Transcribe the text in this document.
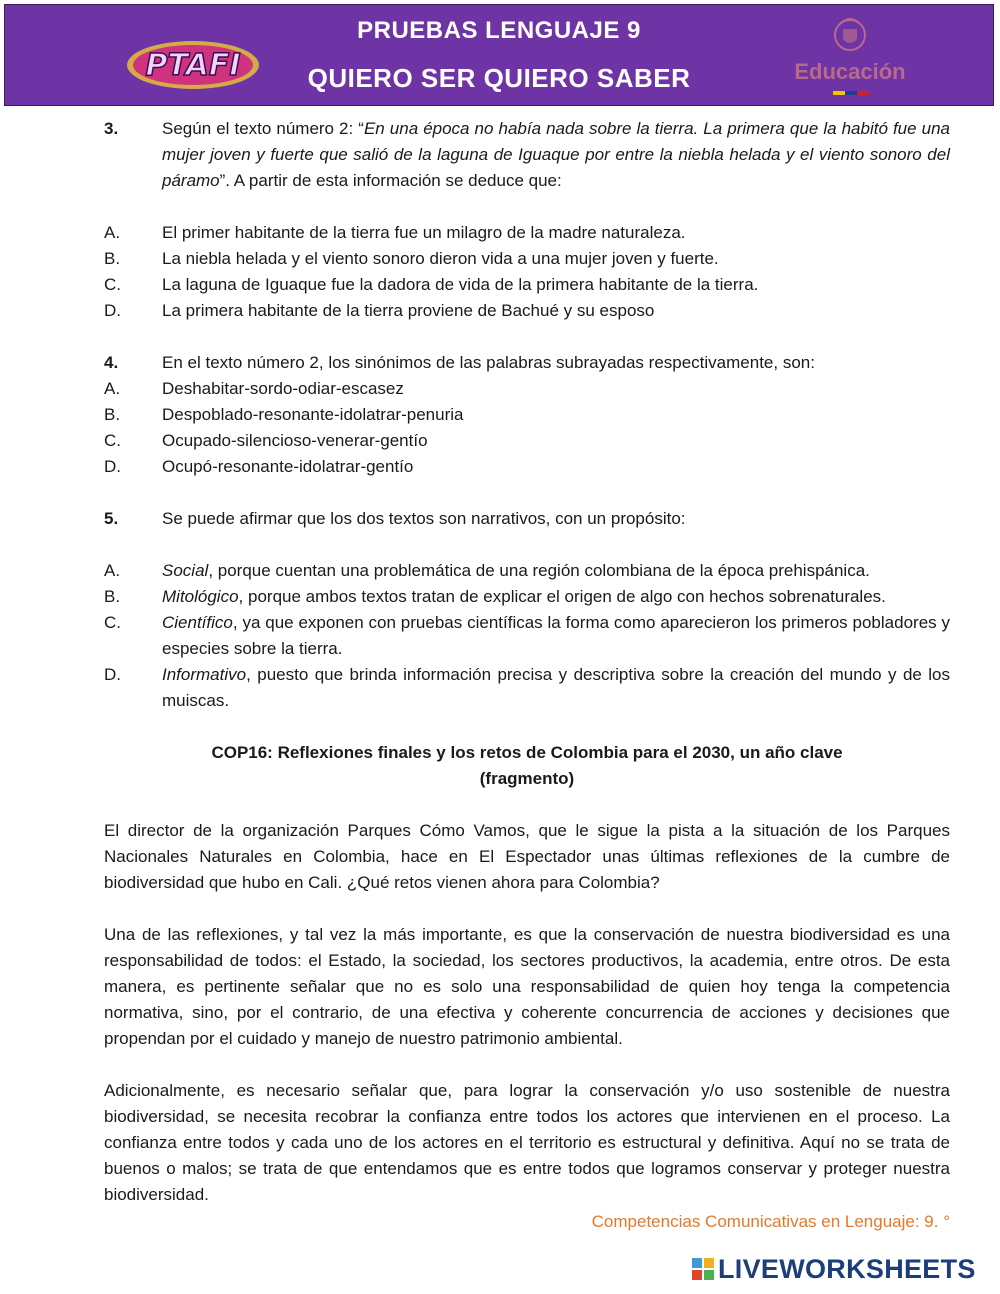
PTAFI
PRUEBAS LENGUAJE 9
QUIERO SER QUIERO SABER	Educación
3.	Según el texto número 2: “En una época no había nada sobre la tierra. La primera que la habitó fue una mujer joven y fuerte que salió de la laguna de Iguaque por entre la niebla helada y el viento sonoro del páramo”. A partir de esta información se deduce que:
A.	El primer habitante de la tierra fue un milagro de la madre naturaleza.
B.	La niebla helada y el viento sonoro dieron vida a una mujer joven y fuerte.
C.	La laguna de Iguaque fue la dadora de vida de la primera habitante de la tierra.
D.	La primera habitante de la tierra proviene de Bachué y su esposo
4.	En el texto número 2, los sinónimos de las palabras subrayadas respectivamente, son:
A.	Deshabitar-sordo-odiar-escasez
B.	Despoblado-resonante-idolatrar-penuria
C.	Ocupado-silencioso-venerar-gentío
D.	Ocupó-resonante-idolatrar-gentío
5.	Se puede afirmar que los dos textos son narrativos, con un propósito:
A.	Social, porque cuentan una problemática de una región colombiana de la época prehispánica.
B.	Mitológico, porque ambos textos tratan de explicar el origen de algo con hechos sobrenaturales.
C.	Científico, ya que exponen con pruebas científicas la forma como aparecieron los primeros pobladores y especies sobre la tierra.
D.	Informativo, puesto que brinda información precisa y descriptiva sobre la creación del mundo y de los muiscas.

COP16: Reflexiones finales y los retos de Colombia para el 2030, un año clave

(fragmento)

El director de la organización Parques Cómo Vamos, que le sigue la pista a la situación de los Parques Nacionales Naturales en Colombia, hace en El Espectador unas últimas reflexiones de la cumbre de biodiversidad que hubo en Cali. ¿Qué retos vienen ahora para Colombia?

Una de las reflexiones, y tal vez la más importante, es que la conservación de nuestra biodiversidad es una responsabilidad de todos: el Estado, la sociedad, los sectores productivos, la academia, entre otros. De esta manera, es pertinente señalar que no es solo una responsabilidad de quien hoy tenga la competencia normativa, sino, por el contrario, de una efectiva y coherente concurrencia de acciones y decisiones que propendan por el cuidado y manejo de nuestro patrimonio ambiental.

Adicionalmente, es necesario señalar que, para lograr la conservación y/o uso sostenible de nuestra biodiversidad, se necesita recobrar la confianza entre todos los actores que intervienen en el proceso. La confianza entre todos y cada uno de los actores en el territorio es estructural y definitiva. Aquí no se trata de buenos o malos; se trata de que entendamos que es entre todos que logramos conservar y proteger nuestra biodiversidad.

Competencias Comunicativas en Lenguaje: 9. °
LIVEWORKSHEETS
